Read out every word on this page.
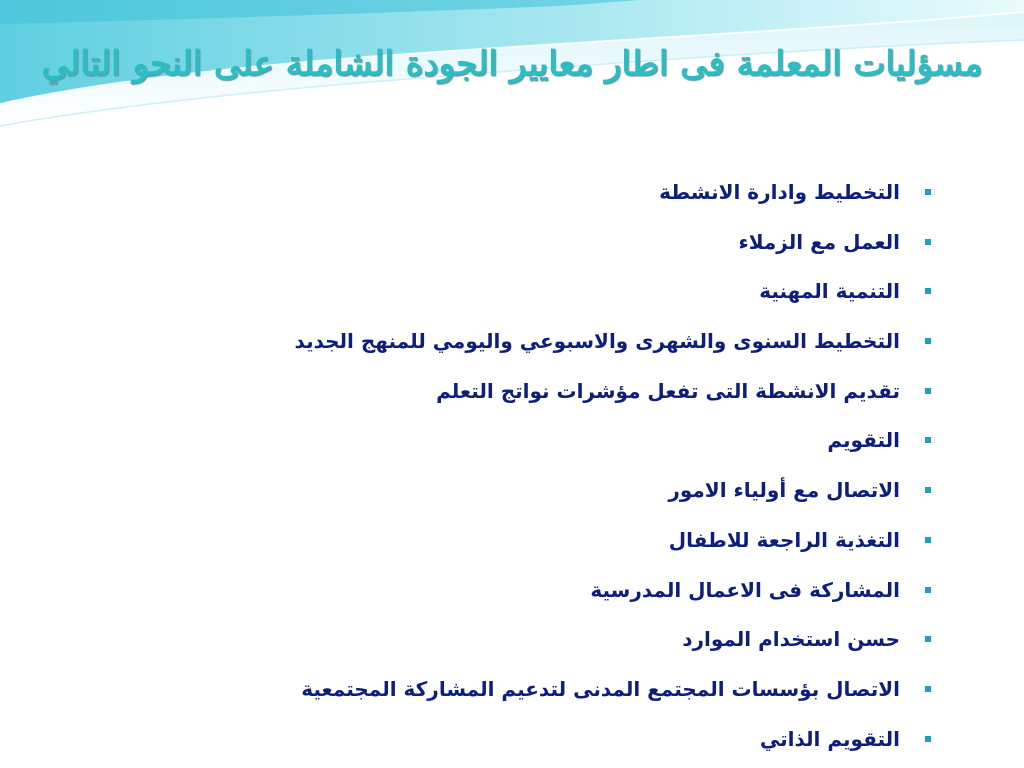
مسؤليات المعلمة فى اطار معايير الجودة الشاملة على النحو التالي
التخطيط وادارة الانشطة
العمل مع الزملاء
التنمية المهنية
التخطيط السنوى والشهرى والاسبوعي واليومي للمنهج الجديد
تقديم الانشطة التى تفعل مؤشرات نواتج التعلم
التقويم
الاتصال مع أولياء الامور
التغذية الراجعة للاطفال
المشاركة فى الاعمال المدرسية
حسن استخدام الموارد
الاتصال بؤسسات المجتمع المدنى لتدعيم المشاركة المجتمعية
التقويم الذاتي
